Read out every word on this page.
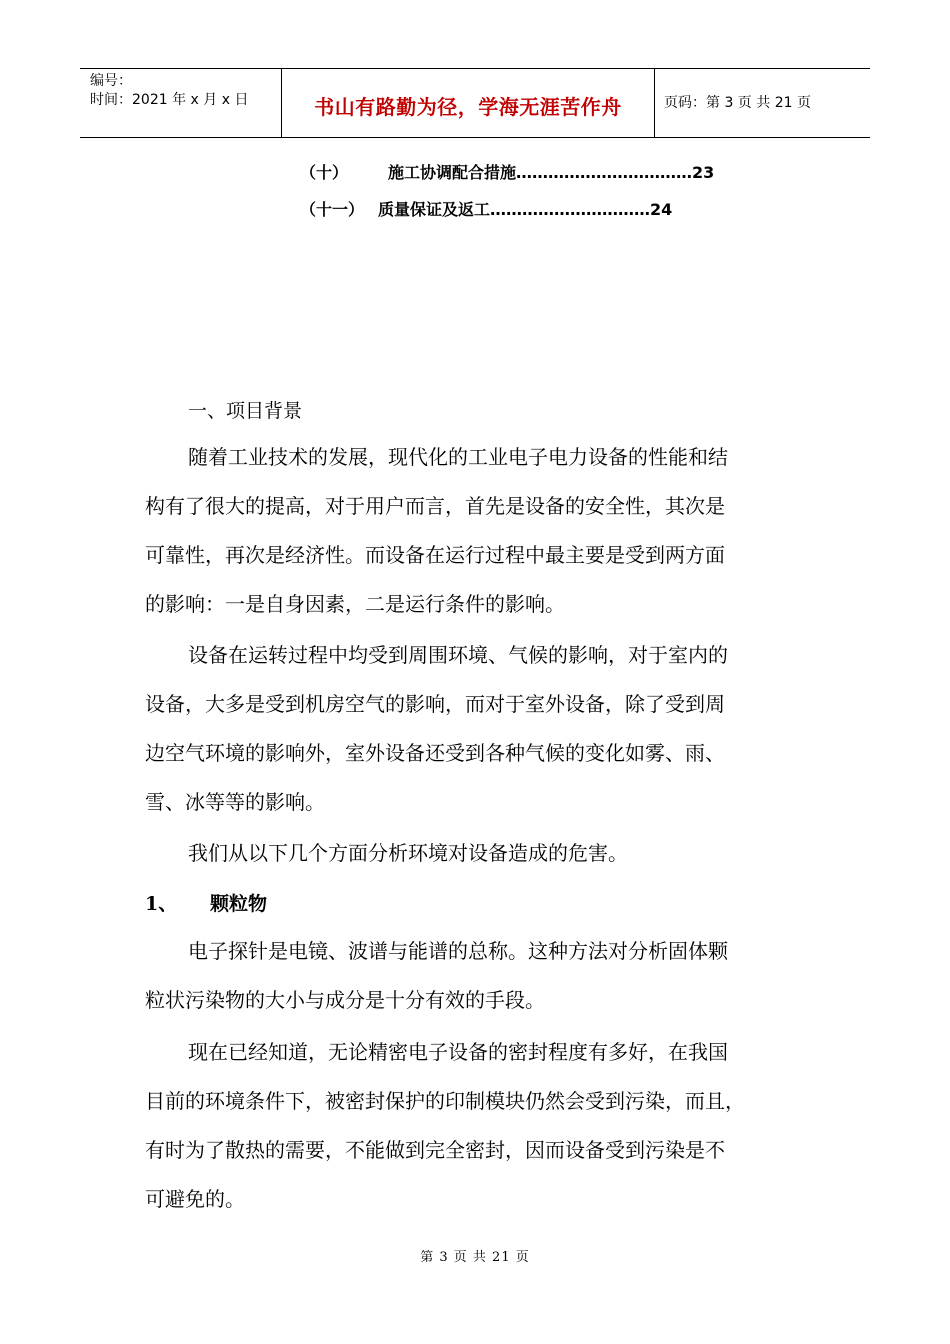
编号：
时间：2021 年 x 月 x 日	书山有路勤为径，学海无涯苦作舟	页码：第 3 页 共 21 页
（十） 施工协调配合措施……………………………23
（十一） 质量保证及返工…………………………24
一、项目背景
随着工业技术的发展，现代化的工业电子电力设备的性能和结
构有了很大的提高，对于用户而言，首先是设备的安全性，其次是
可靠性，再次是经济性。而设备在运行过程中最主要是受到两方面
的影响：一是自身因素，二是运行条件的影响。
设备在运转过程中均受到周围环境、气候的影响，对于室内的
设备，大多是受到机房空气的影响，而对于室外设备，除了受到周
边空气环境的影响外，室外设备还受到各种气候的变化如雾、雨、
雪、冰等等的影响。
我们从以下几个方面分析环境对设备造成的危害。
1、 颗粒物
电子探针是电镜、波谱与能谱的总称。这种方法对分析固体颗
粒状污染物的大小与成分是十分有效的手段。
现在已经知道，无论精密电子设备的密封程度有多好，在我国
目前的环境条件下，被密封保护的印制模块仍然会受到污染，而且，
有时为了散热的需要，不能做到完全密封，因而设备受到污染是不
可避免的。
第 3 页 共 21 页
